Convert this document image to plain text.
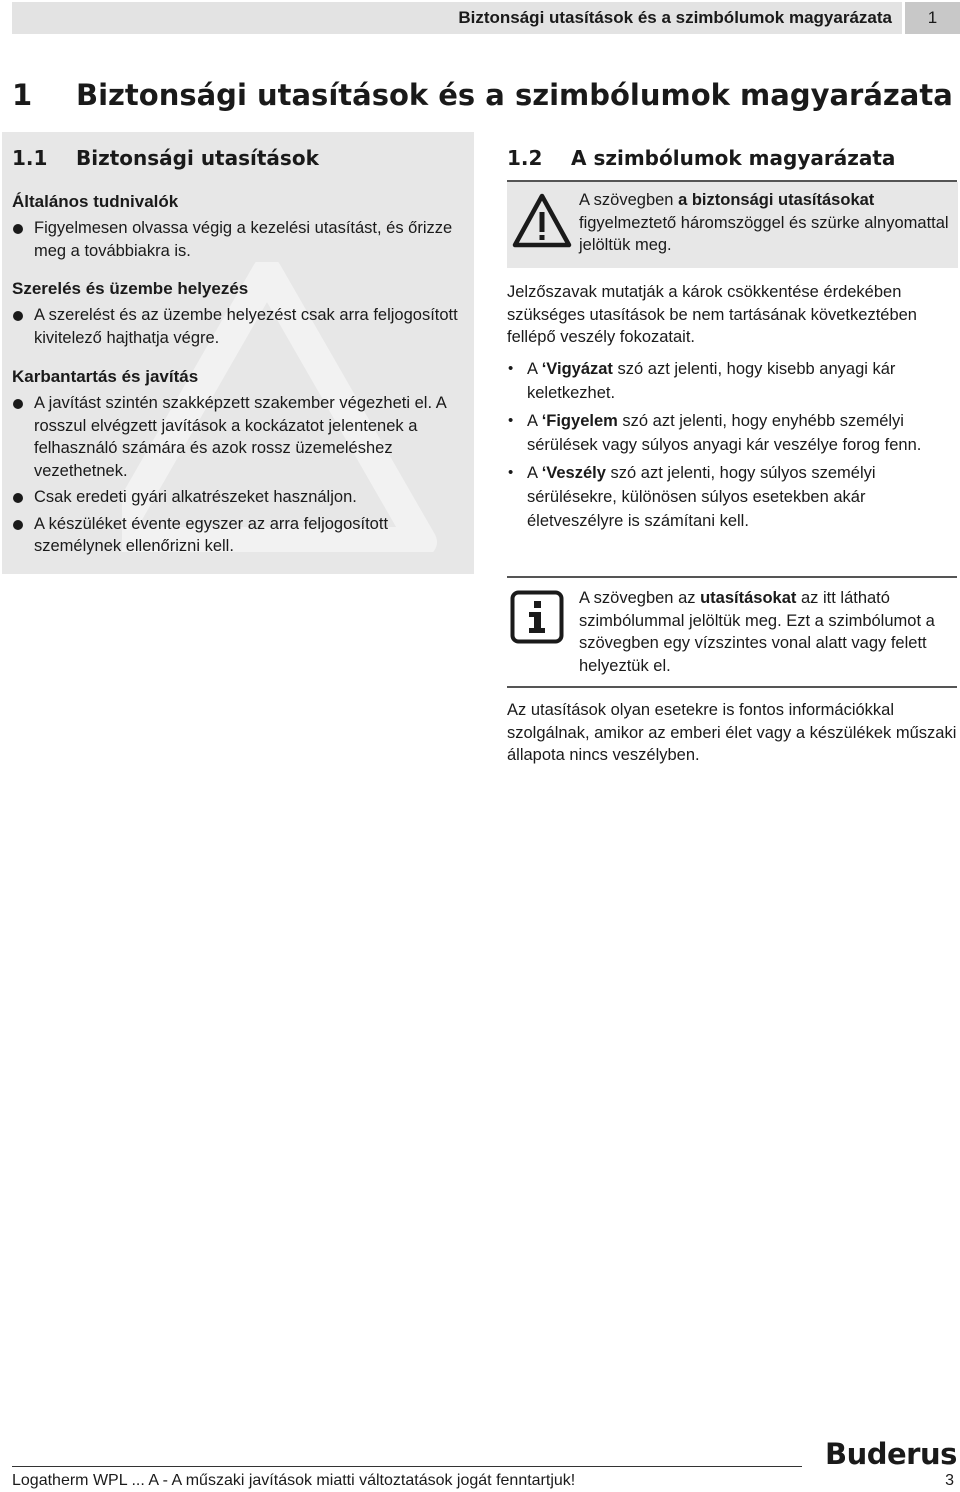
Biztonsági utasítások és a szimbólumok magyarázata	1
1 Biztonsági utasítások és a szimbólumok magyarázata
1.1 Biztonsági utasítások
Általános tudnivalók
Figyelmesen olvassa végig a kezelési utasítást, és őrizze meg a továbbiakra is.
Szerelés és üzembe helyezés
A szerelést és az üzembe helyezést csak arra feljogosított kivitelező hajthatja végre.
Karbantartás és javítás
A javítást szintén szakképzett szakember végezheti el. A rosszul elvégzett javítások a kockázatot jelentenek a felhasználó számára és azok rossz üzemeléshez vezethetnek.
Csak eredeti gyári alkatrészeket használjon.
A készüléket évente egyszer az arra feljogosított személynek ellenőrizni kell.
1.2 A szimbólumok magyarázata
A szövegben a biztonsági utasításokat figyelmeztető háromszöggel és szürke alnyomattal jelöltük meg.
Jelzőszavak mutatják a károk csökkentése érdekében szükséges utasítások be nem tartásának következtében fellépő veszély fokozatait.
• A ‘Vigyázat szó azt jelenti, hogy kisebb anyagi kár keletkezhet.
• A ‘Figyelem szó azt jelenti, hogy enyhébb személyi sérülések vagy súlyos anyagi kár veszélye forog fenn.
• A ‘Veszély szó azt jelenti, hogy súlyos személyi sérülésekre, különösen súlyos esetekben akár életveszélyre is számítani kell.
A szövegben az utasításokat az itt látható szimbólummal jelöltük meg. Ezt a szimbólumot a szövegben egy vízszintes vonal alatt vagy felett helyeztük el.
Az utasítások olyan esetekre is fontos információkkal szolgálnak, amikor az emberi élet vagy a készülékek műszaki állapota nincs veszélyben.
Buderus
Logatherm WPL ... A - A műszaki javítások miatti változtatások jogát fenntartjuk!	3
